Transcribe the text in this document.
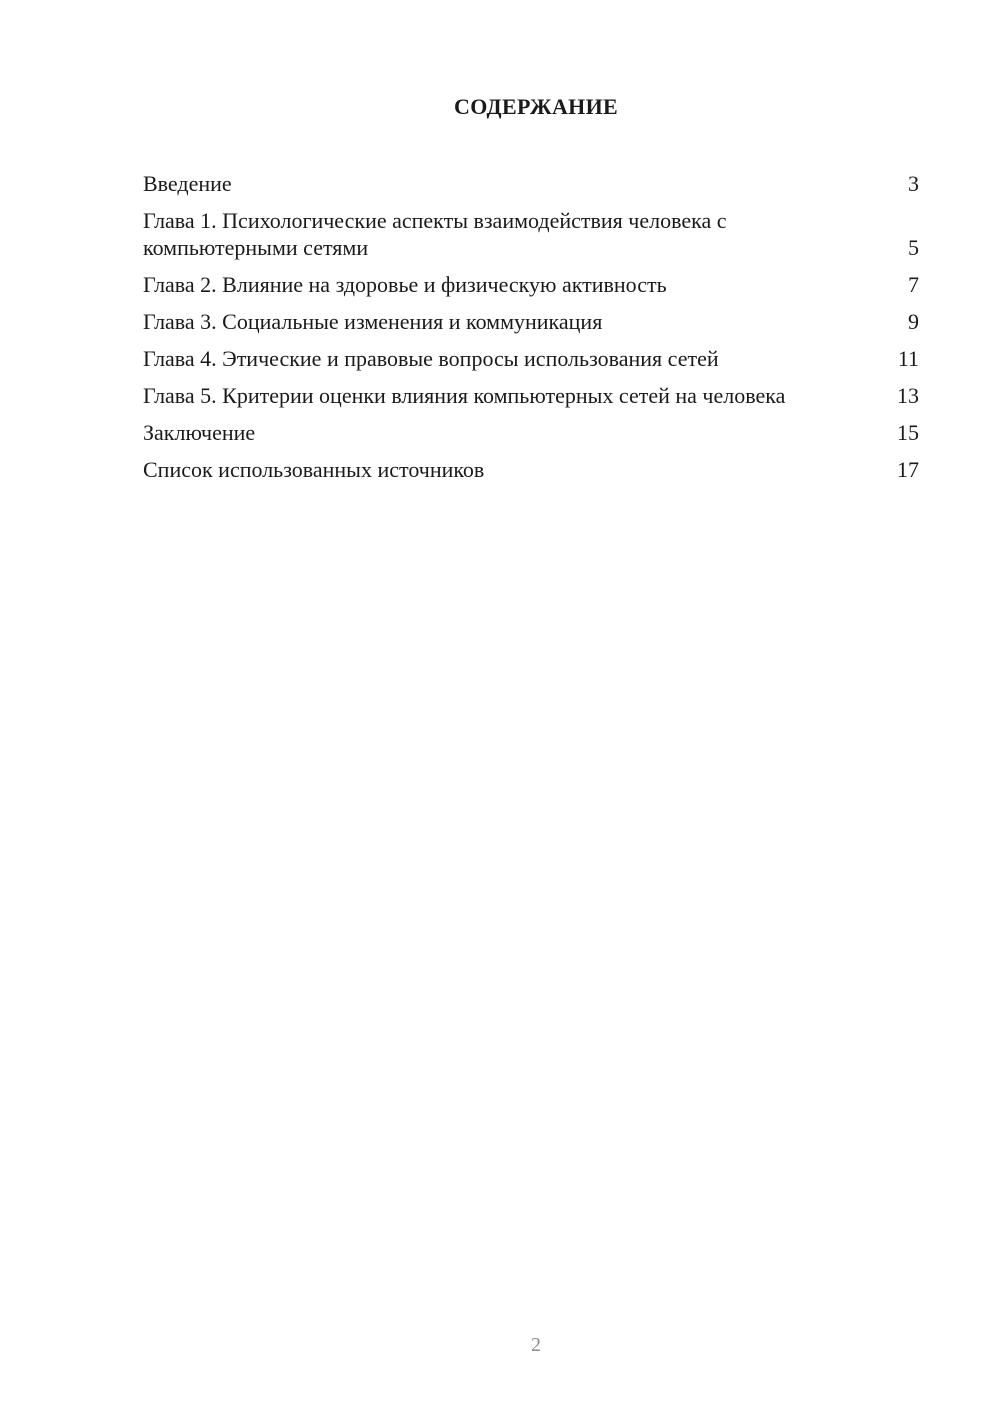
СОДЕРЖАНИЕ
Введение	3
Глава 1. Психологические аспекты взаимодействия человека с компьютерными сетями	5
Глава 2. Влияние на здоровье и физическую активность	7
Глава 3. Социальные изменения и коммуникация	9
Глава 4. Этические и правовые вопросы использования сетей	11
Глава 5. Критерии оценки влияния компьютерных сетей на человека	13
Заключение	15
Список использованных источников	17
2
